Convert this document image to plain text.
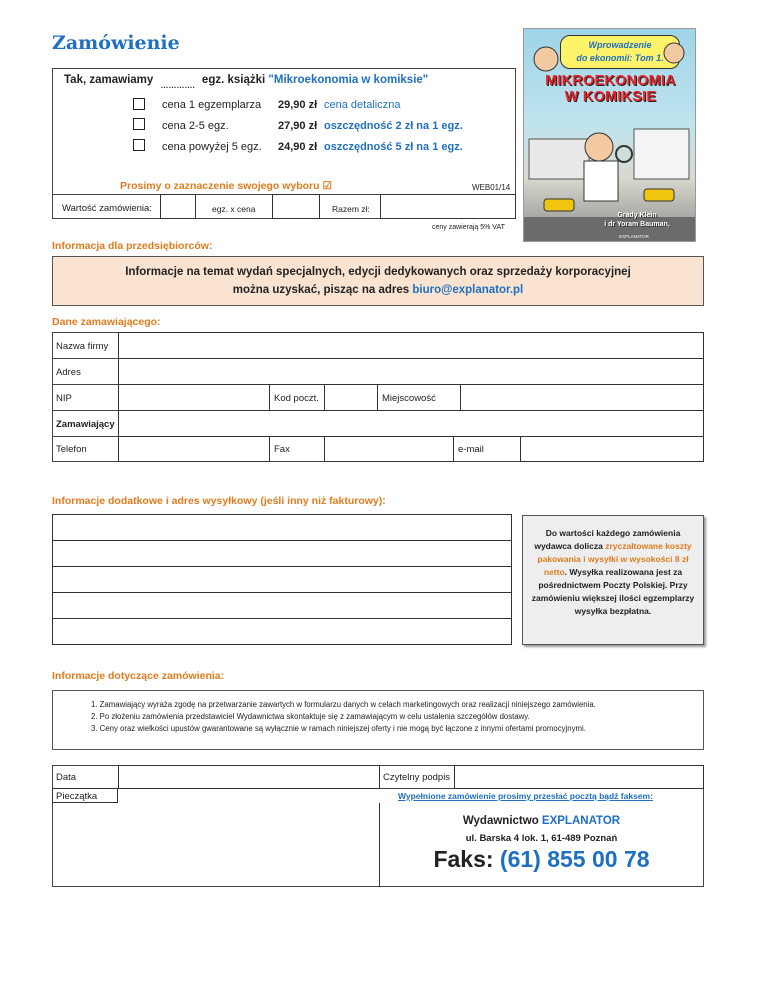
Zamówienie
Tak, zamawiamy $_{\dots\dots\dots\dots.}$ egz. książki "Mikroekonomia w komiksie"
cena 1 egzemplarza 29,90 zł cena detaliczna
cena 2-5 egz.	27,90 zł oszczędność 2 zł na 1 egz.
cena powyżej 5 egz. 24,90 zł oszczędność 5 zł na 1 egz.
Prosimy o zaznaczenie swojego wyboru ☑	WEB01/14
Wartość zamówienia:	egz. x cena	Razem zł:
ceny zawierają 5% VAT
Wprowadzenie
do ekonomii: Tom 1.
MIKROEKONOMIA
W KOMIKSIE
Grady Klein
i dr Yoram Bauman,
EXPLANATOR
Informacja dla przedsiębiorców:
Informacje na temat wydań specjalnych, edycji dedykowanych oraz sprzedaży korporacyjnej
można uzyskać, pisząc na adres biuro@explanator.pl
Dane zamawiającego:
Nazwa firmy
Adres
NIP	Kod poczt.	Miejscowość
Zamawiający
Telefon	Fax	e-mail
Informacje dodatkowe i adres wysyłkowy (jeśli inny niż fakturowy):
Do wartości każdego zamówienia wydawca dolicza zryczałtowane koszty pakowania i wysyłki w wysokości 8 zł netto. Wysyłka realizowana jest za pośrednictwem Poczty Polskiej. Przy zamówieniu większej ilości egzemplarzy wysyłka bezpłatna.
Informacje dotyczące zamówienia:
1. Zamawiający wyraża zgodę na przetwarzanie zawartych w formularzu danych w celach marketingowych oraz realizacji niniejszego zamówienia.
2. Po złożeniu zamówienia przedstawiciel Wydawnictwa skontaktuje się z zamawiającym w celu ustalenia szczegółów dostawy.
3. Ceny oraz wielkości upustów gwarantowane są wyłącznie w ramach niniejszej oferty i nie mogą być łączone z innymi ofertami promocyjnymi.
Data	Czytelny podpis
Pieczątka	Wypełnione zamówienie prosimy przesłać pocztą bądź faksem:
Wydawnictwo EXPLANATOR
ul. Barska 4 lok. 1, 61-489 Poznań
Faks: (61) 855 00 78
